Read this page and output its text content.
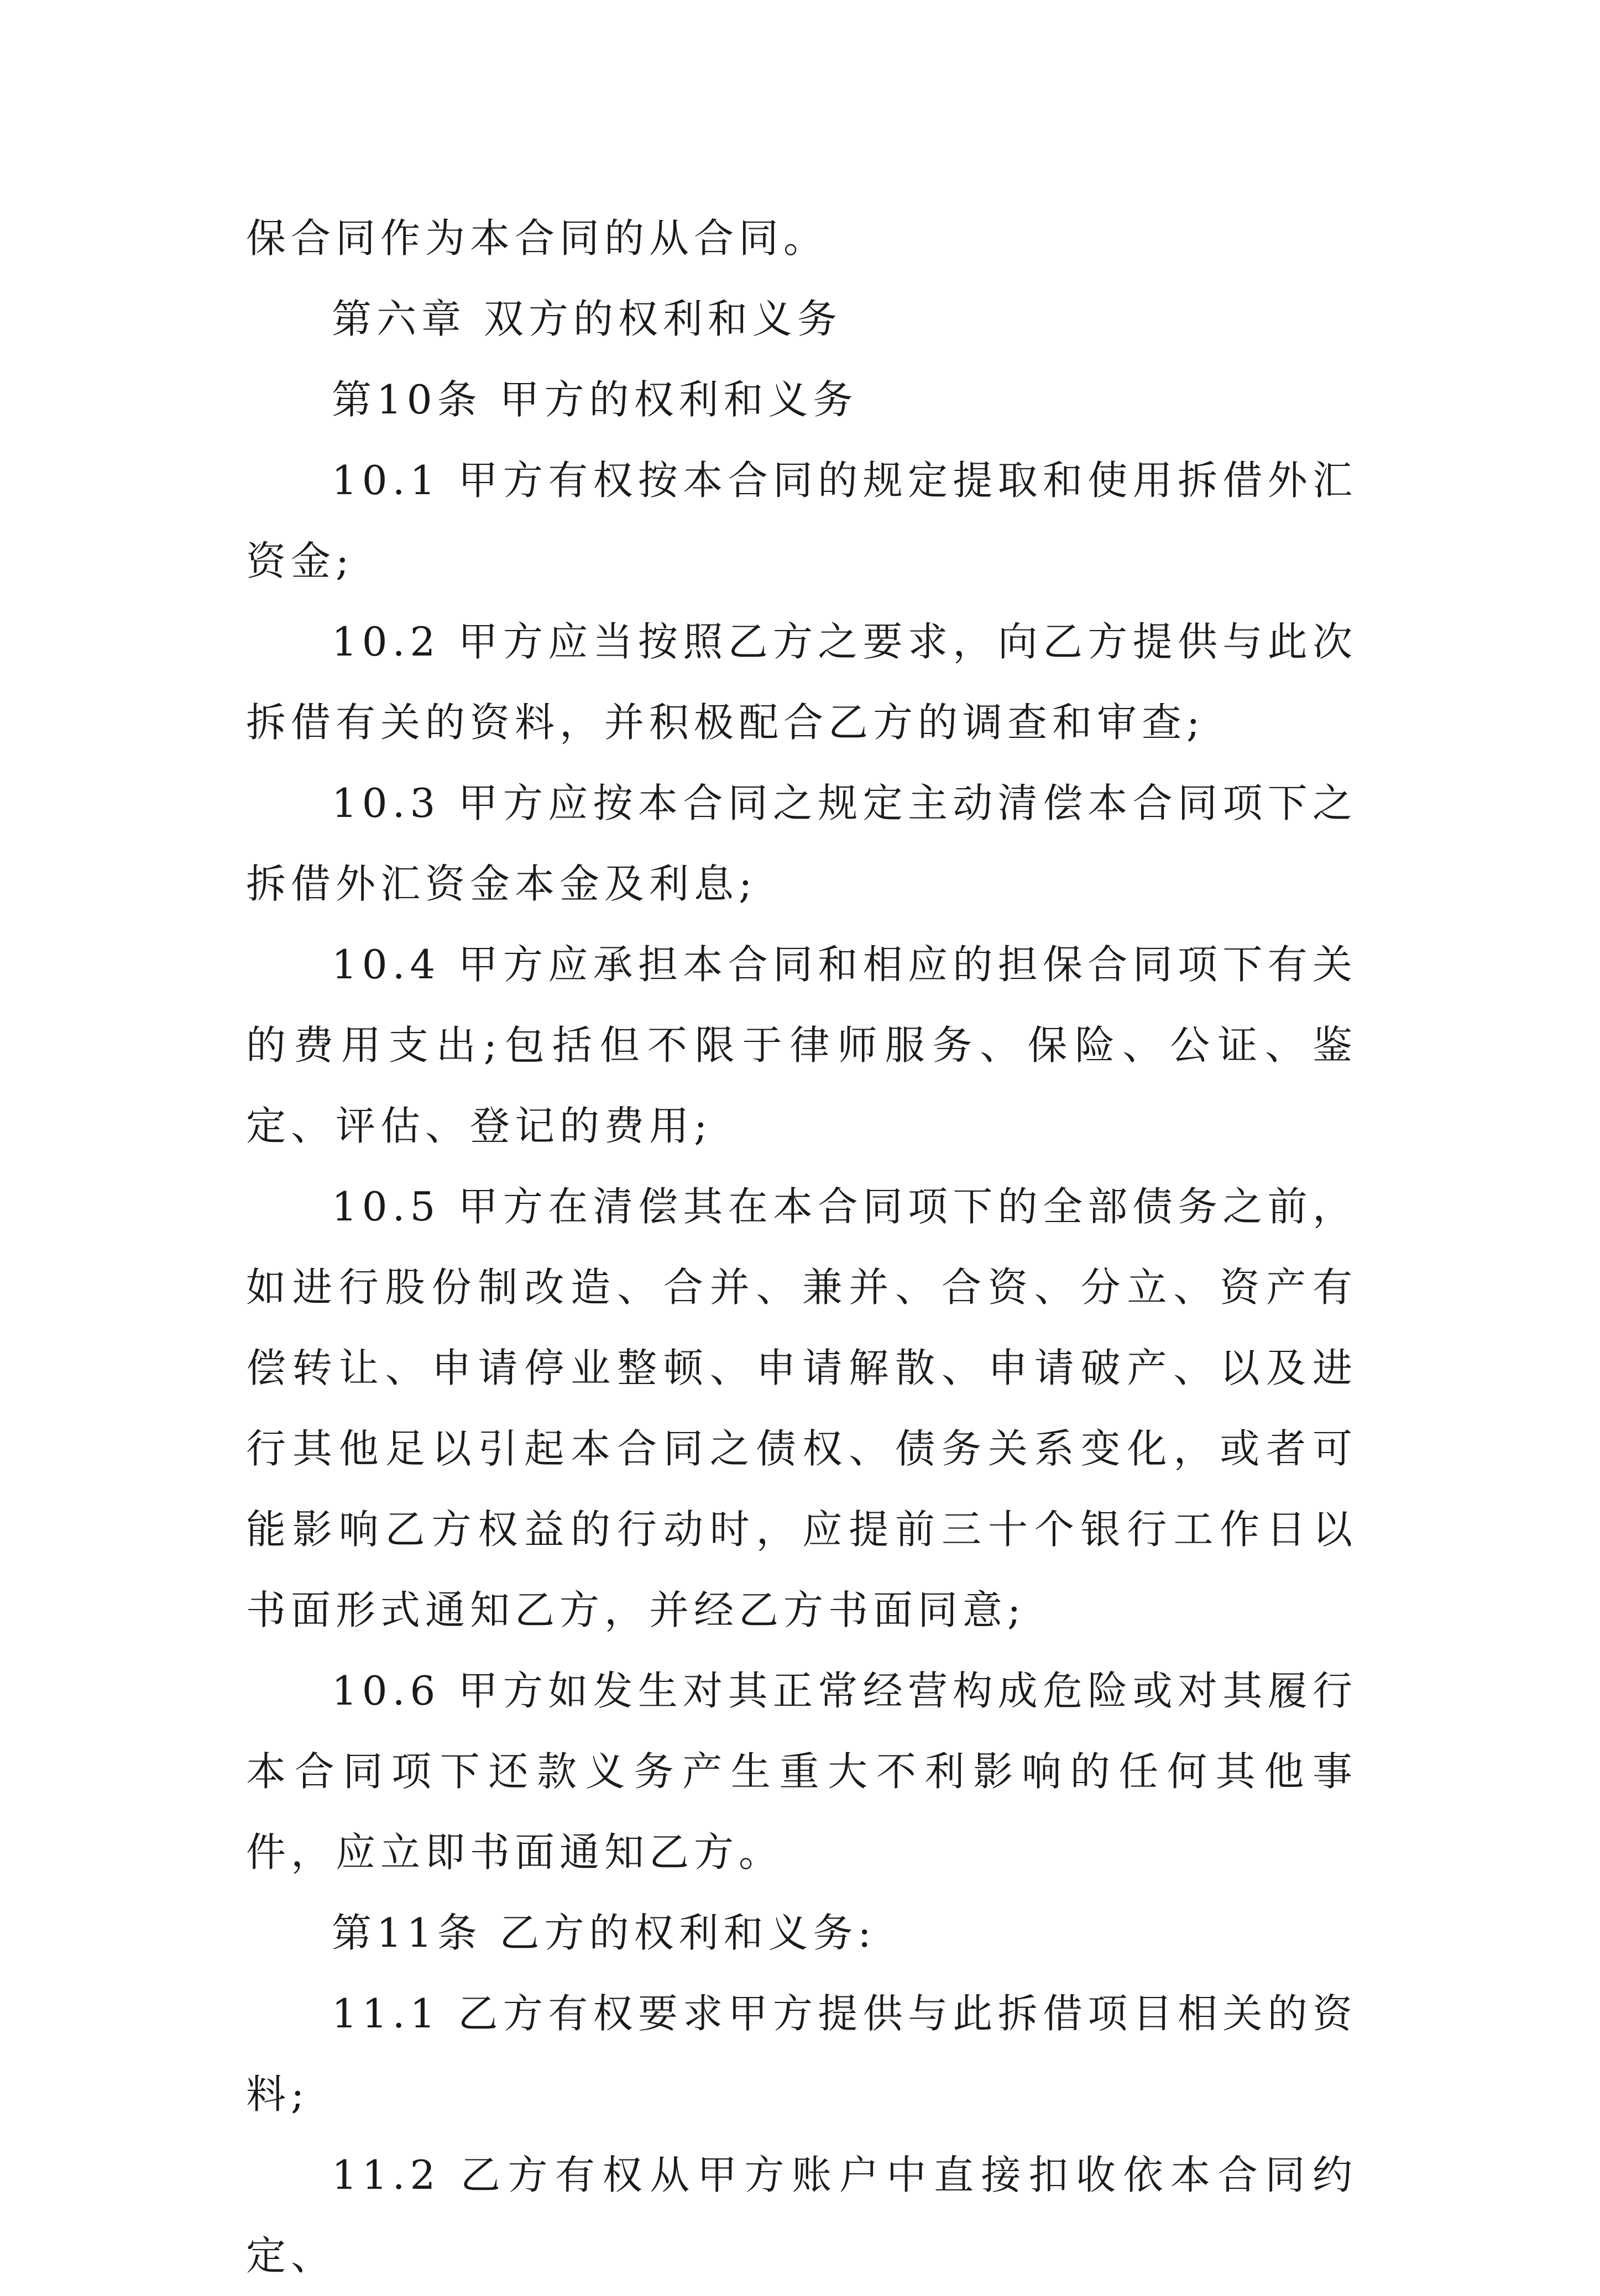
保合同作为本合同的从合同。

第六章 双方的权利和义务

第10条 甲方的权利和义务

10.1 甲方有权按本合同的规定提取和使用拆借外汇资金;

10.2 甲方应当按照乙方之要求，向乙方提供与此次拆借有关的资料，并积极配合乙方的调查和审查;

10.3 甲方应按本合同之规定主动清偿本合同项下之拆借外汇资金本金及利息;

10.4 甲方应承担本合同和相应的担保合同项下有关的费用支出;包括但不限于律师服务、保险、公证、鉴定、评估、登记的费用;

10.5 甲方在清偿其在本合同项下的全部债务之前，如进行股份制改造、合并、兼并、合资、分立、资产有偿转让、申请停业整顿、申请解散、申请破产、以及进行其他足以引起本合同之债权、债务关系变化，或者可能影响乙方权益的行动时，应提前三十个银行工作日以书面形式通知乙方，并经乙方书面同意;

10.6 甲方如发生对其正常经营构成危险或对其履行本合同项下还款义务产生重大不利影响的任何其他事件，应立即书面通知乙方。

第11条 乙方的权利和义务:

11.1 乙方有权要求甲方提供与此拆借项目相关的资料;

11.2 乙方有权从甲方账户中直接扣收依本合同约定、
